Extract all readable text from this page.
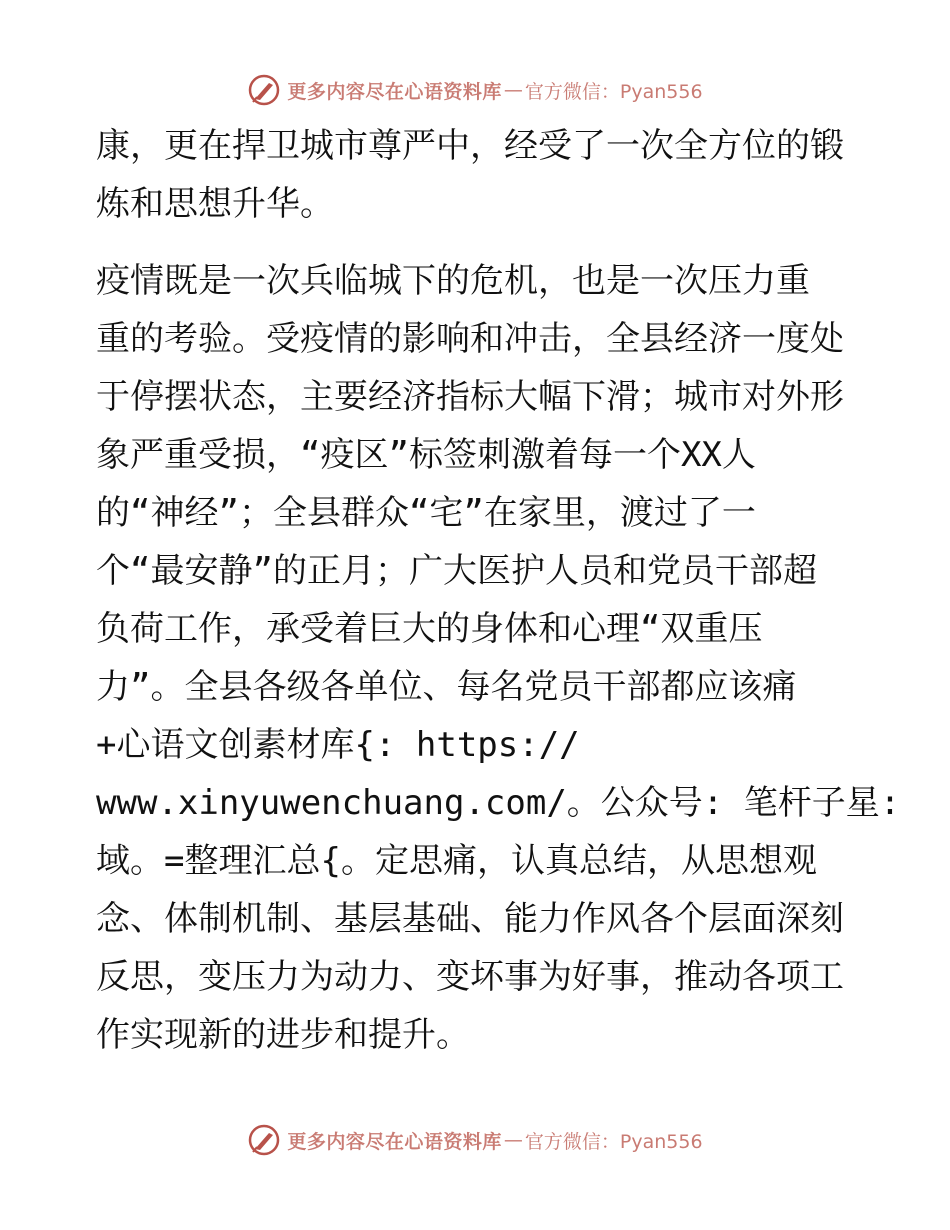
更多内容尽在心语资料库 — 官方微信：Pyan556
康，更在捍卫城市尊严中，经受了一次全方位的锻
炼和思想升华。
疫情既是一次兵临城下的危机，也是一次压力重
重的考验。受疫情的影响和冲击，全县经济一度处
于停摆状态，主要经济指标大幅下滑；城市对外形
象严重受损，“疫区”标签刺激着每一个XX人
的“神经”；全县群众“宅”在家里，渡过了一
个“最安静”的正月；广大医护人员和党员干部超
负荷工作，承受着巨大的身体和心理“双重压
力”。全县各级各单位、每名党员干部都应该痛
+心语文创素材库{: https://
www.xinyuwenchuang.com/。公众号: 笔杆子星:
域。=整理汇总{。定思痛，认真总结，从思想观
念、体制机制、基层基础、能力作风各个层面深刻
反思，变压力为动力、变坏事为好事，推动各项工
作实现新的进步和提升。
更多内容尽在心语资料库 — 官方微信：Pyan556
